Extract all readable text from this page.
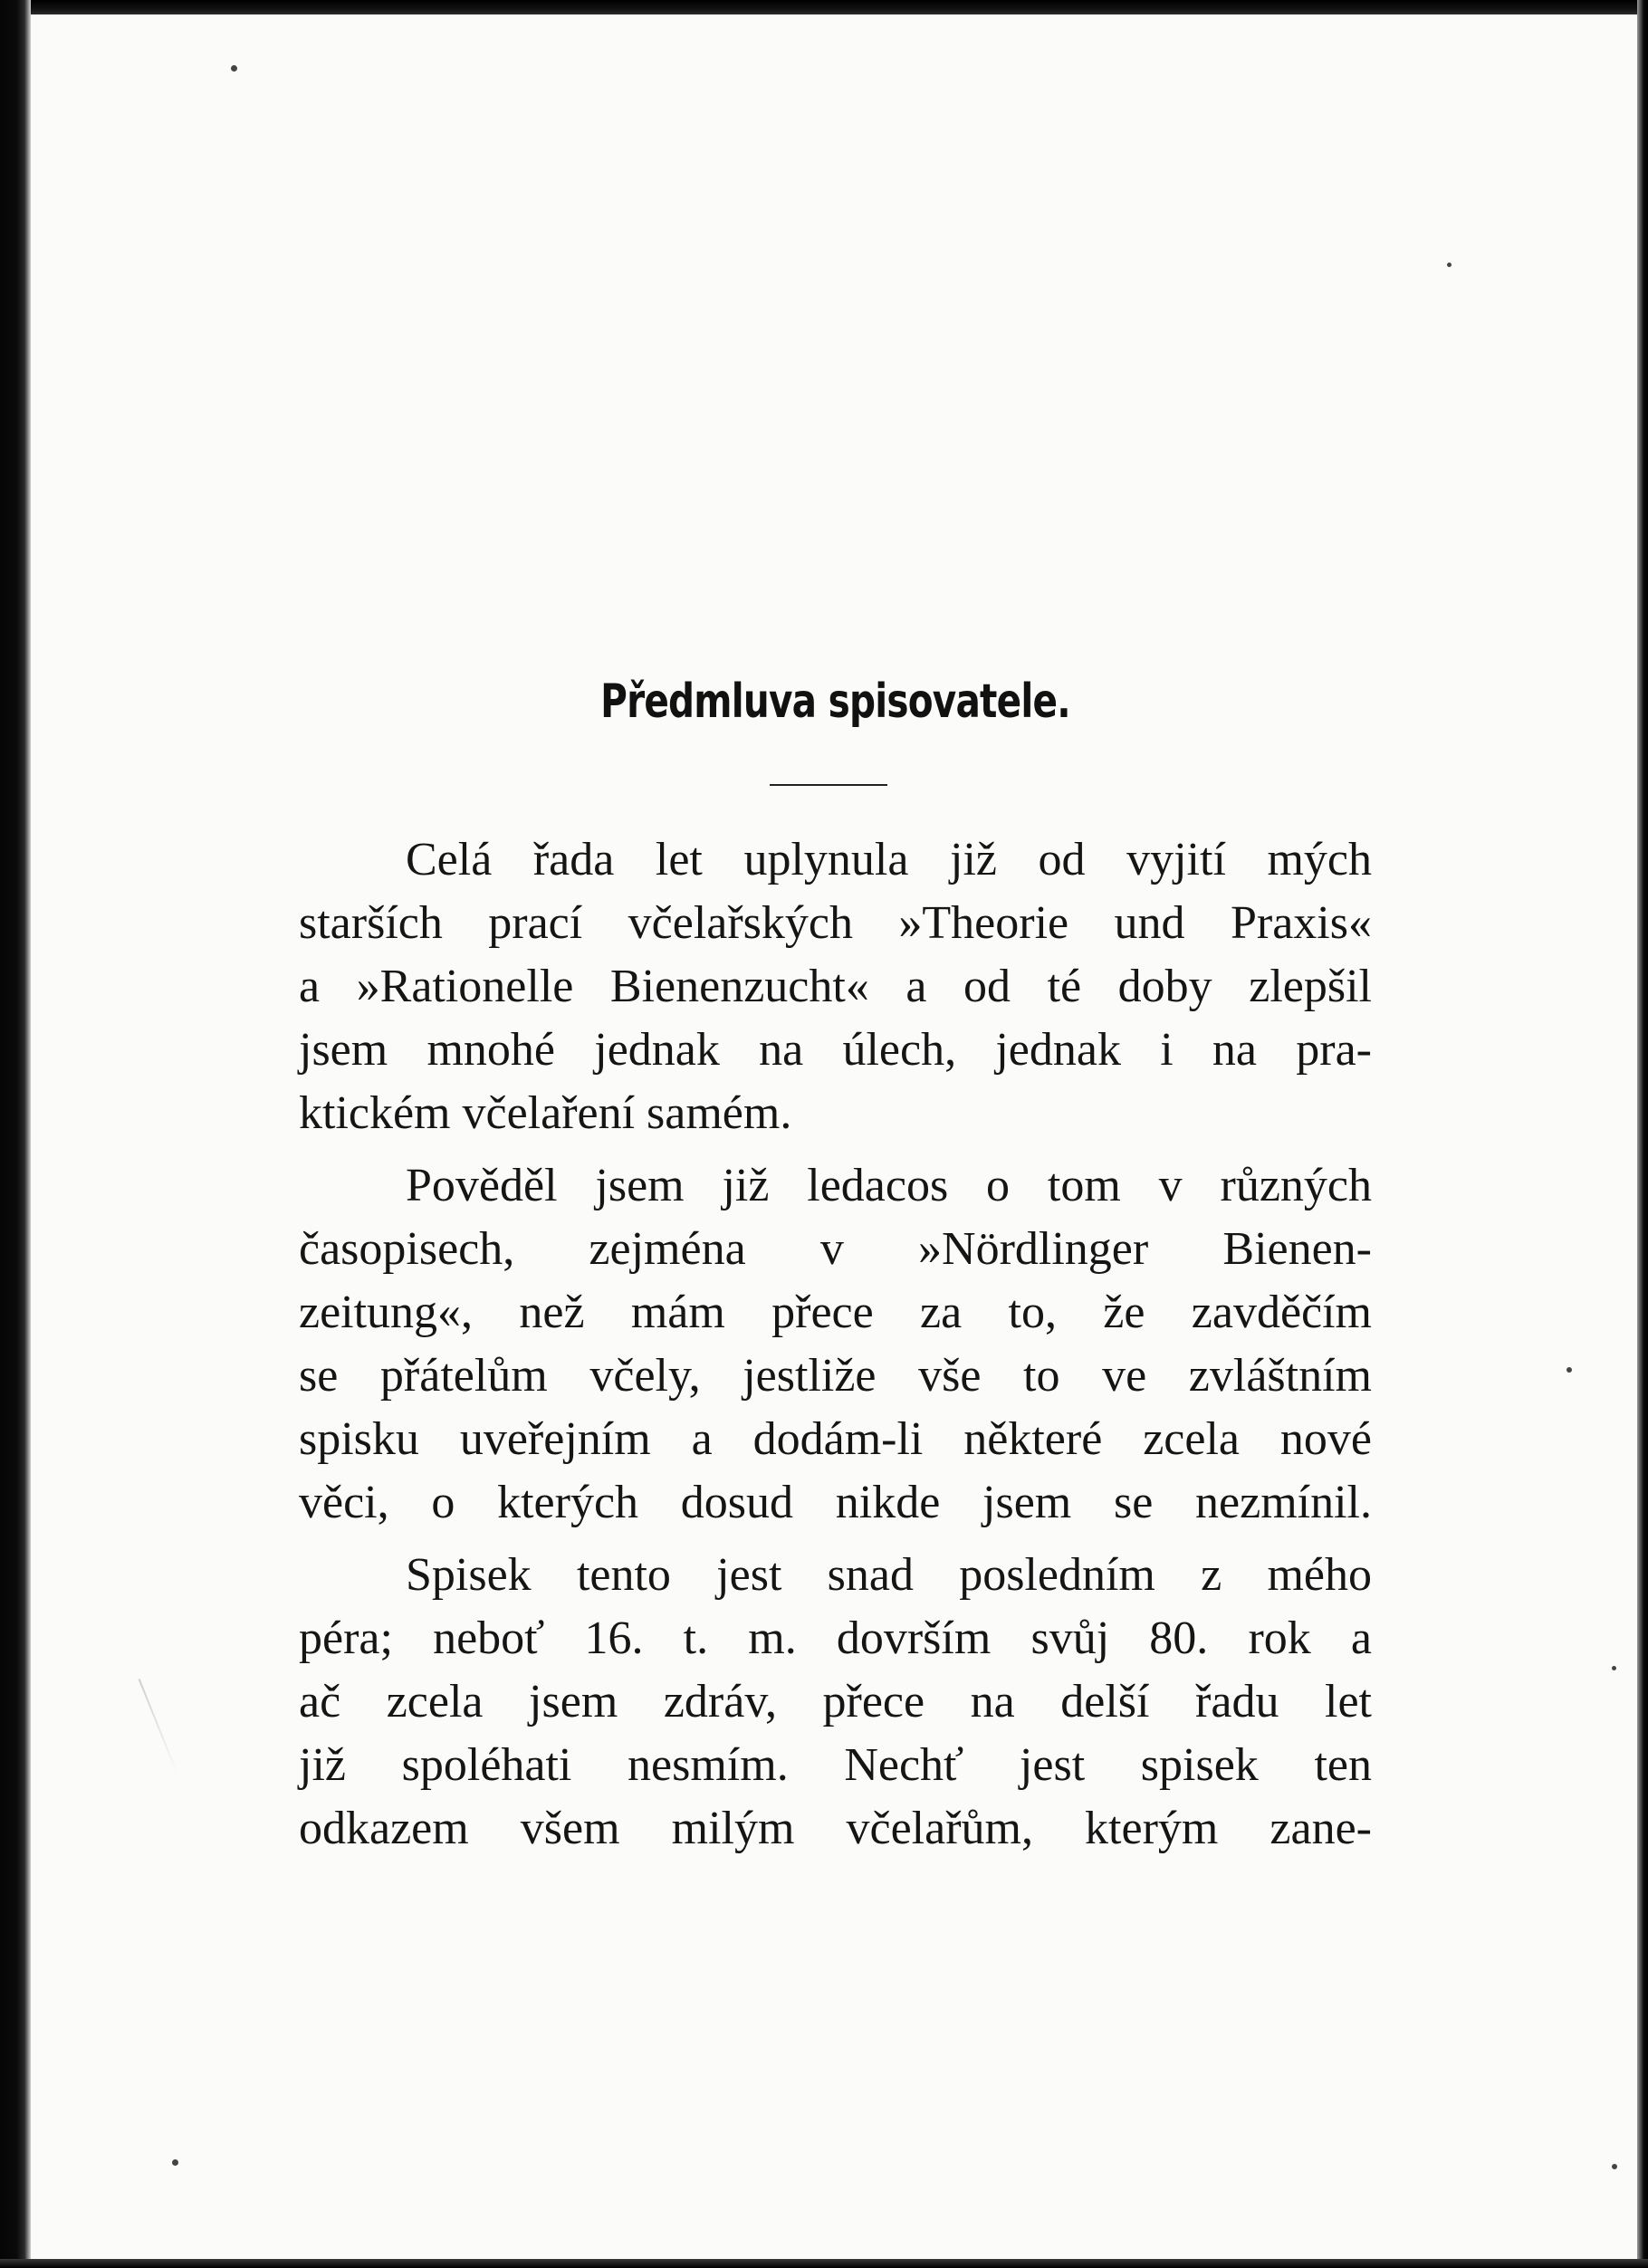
Předmluva spisovatele.
Celá řada let uplynula již od vyjití mých
starších prací včelařských »Theorie und Praxis«
a »Rationelle Bienenzucht« a od té doby zlepšil
jsem mnohé jednak na úlech, jednak i na pra-
ktickém včelaření samém.
Pověděl jsem již ledacos o tom v různých
časopisech, zejména v »Nördlinger Bienen-
zeitung«, než mám přece za to, že zavděčím
se přátelům včely, jestliže vše to ve zvláštním
spisku uveřejním a dodám-li některé zcela nové
věci, o kterých dosud nikde jsem se nezmínil.
Spisek tento jest snad posledním z mého
péra; neboť 16. t. m. dovrším svůj 80. rok a
ač zcela jsem zdráv, přece na delší řadu let
již spoléhati nesmím. Nechť jest spisek ten
odkazem všem milým včelařům, kterým zane-
